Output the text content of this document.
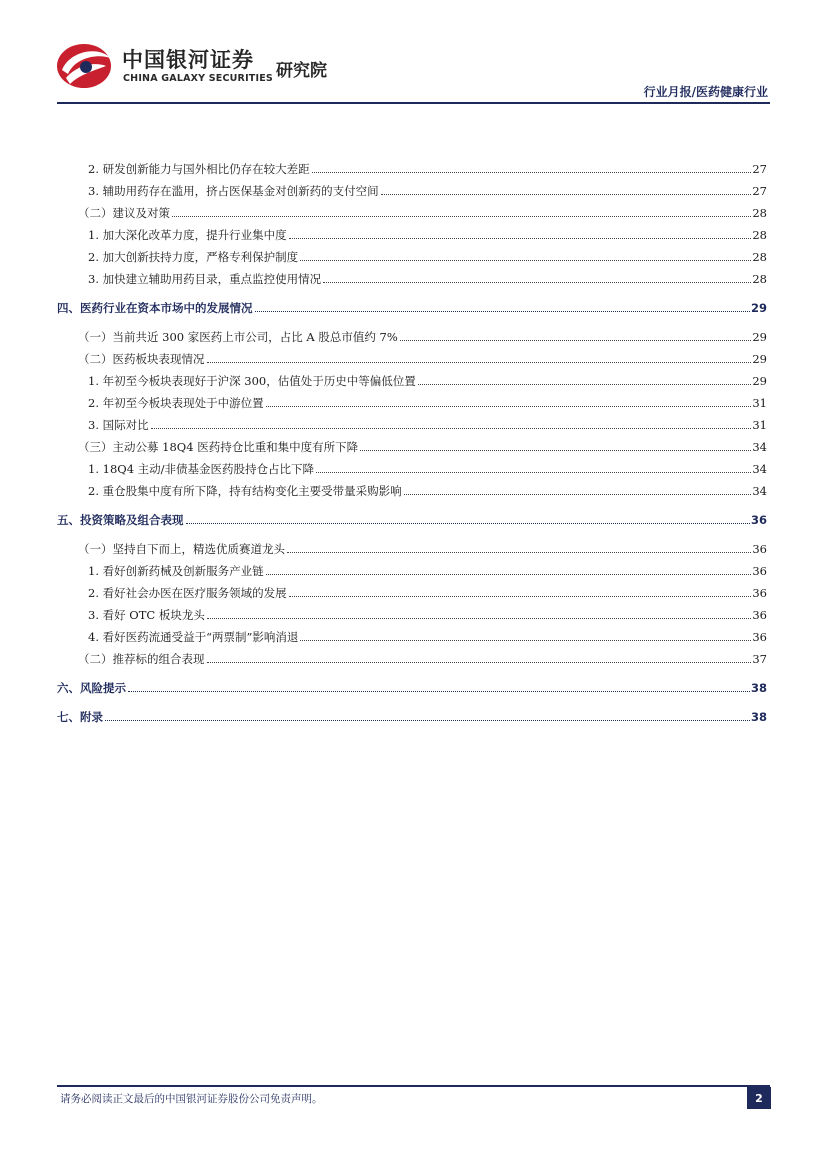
中国银河证券
CHINA GALAXY SECURITIES 研究院
行业月报/医药健康行业
2. 研发创新能力与国外相比仍存在较大差距	27
3. 辅助用药存在滥用，挤占医保基金对创新药的支付空间	27
（二）建议及对策	28
1. 加大深化改革力度，提升行业集中度	28
2. 加大创新扶持力度，严格专利保护制度	28
3. 加快建立辅助用药目录，重点监控使用情况	28
四、医药行业在资本市场中的发展情况	29
（一）当前共近 300 家医药上市公司，占比 A 股总市值约 7%	29
（二）医药板块表现情况	29
1. 年初至今板块表现好于沪深 300，估值处于历史中等偏低位置	29
2. 年初至今板块表现处于中游位置	31
3. 国际对比	31
（三）主动公募 18Q4 医药持仓比重和集中度有所下降	34
1. 18Q4 主动/非债基金医药股持仓占比下降	34
2. 重仓股集中度有所下降，持有结构变化主要受带量采购影响	34
五、投资策略及组合表现	36
（一）坚持自下而上，精选优质赛道龙头	36
1. 看好创新药械及创新服务产业链	36
2. 看好社会办医在医疗服务领域的发展	36
3. 看好 OTC 板块龙头	36
4. 看好医药流通受益于“两票制”影响消退	36
（二）推荐标的组合表现	37
六、风险提示	38
七、附录	38
请务必阅读正文最后的中国银河证券股份公司免责声明。	2
